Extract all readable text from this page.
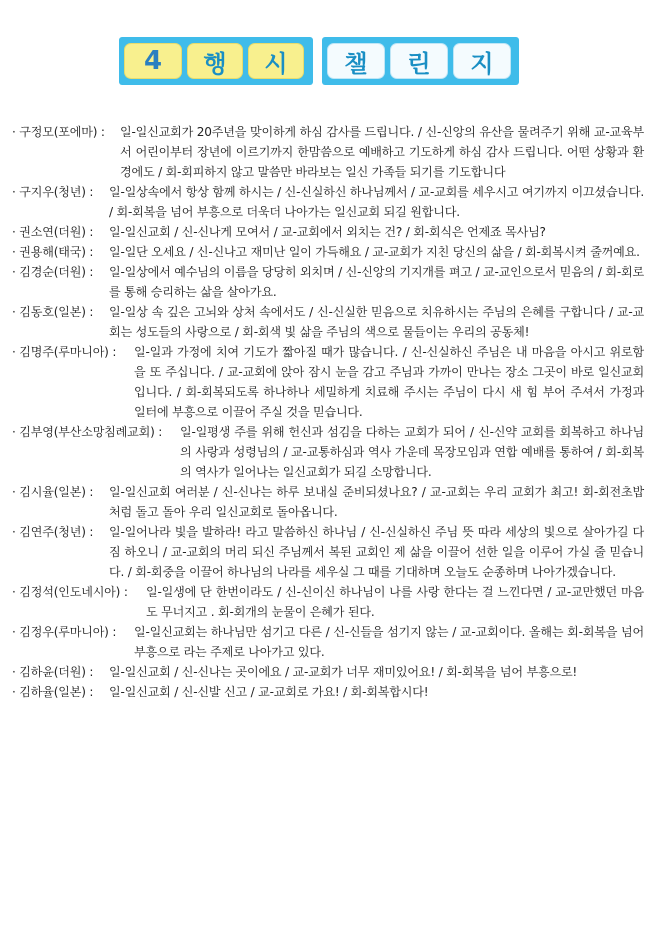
4	행	시	챌	린	지
· 구정모(포에마) :	일-일신교회가 20주년을 맞이하게 하심 감사를 드립니다. / 신-신앙의 유산을 물려주기 위해 교-교육부서 어린이부터 장년에 이르기까지 한맘씀으로 예배하고 기도하게 하심 감사 드립니다. 어떤 상황과 환경에도 / 회-회피하지 않고 말씀만 바라보는 일신 가족들 되기를 기도합니다
· 구지우(청년) :	일-일상속에서 항상 함께 하시는 / 신-신실하신 하나님께서 / 교-교회를 세우시고 여기까지 이끄셨습니다. / 회-회복을 넘어 부흥으로 더욱더 나아가는 일신교회 되길 원합니다.
· 권소연(더원) :	일-일신교회 / 신-신나게 모여서 / 교-교회에서 외치는 건? / 회-회식은 언제죠 목사님?
· 권용해(태국) :	일-일단 오세요 / 신-신나고 재미난 일이 가득해요 / 교-교회가 지친 당신의 삶을 / 회-회복시켜 줄꺼예요.
· 김경순(더원) :	일-일상에서 예수님의 이름을 당당히 외치며 / 신-신앙의 기지개를 펴고 / 교-교인으로서 믿음의 / 회-회로를 통해 승리하는 삶을 살아가요.
· 김동호(일본) :	일-일상 속 깊은 고뇌와 상처 속에서도 / 신-신실한 믿음으로 치유하시는 주님의 은혜를 구합니다 / 교-교회는 성도들의 사랑으로 / 회-회색 빛 삶을 주님의 색으로 물들이는 우리의 공동체!
· 김명주(루마니아) :	일-일과 가정에 치여 기도가 짧아질 때가 많습니다. / 신-신실하신 주님은 내 마음을 아시고 위로함을 또 주십니다. / 교-교회에 앉아 잠시 눈을 감고 주님과 가까이 만나는 장소 그곳이 바로 일신교회입니다. / 회-회복되도록 하나하나 세밀하게 치료해 주시는 주님이 다시 새 힘 부어 주셔서 가정과 일터에 부흥으로 이끌어 주실 것을 믿습니다.
· 김부영(부산소망침례교회) :	일-일평생 주를 위해 헌신과 섬김을 다하는 교회가 되어 / 신-신약 교회를 회복하고 하나님의 사랑과 성령님의 / 교-교통하심과 역사 가운데 목장모임과 연합 예배를 통하여 / 회-회복의 역사가 일어나는 일신교회가 되길 소망합니다.
· 김시율(일본) :	일-일신교회 여러분 / 신-신나는 하루 보내실 준비되셨나요? / 교-교회는 우리 교회가 최고! 회-회전초밥처럼 돌고 돌아 우리 일신교회로 돌아옵니다.
· 김연주(청년) :	일-일어나라 빛을 발하라! 라고 말씀하신 하나님 / 신-신실하신 주님 뜻 따라 세상의 빛으로 살아가길 다짐 하오니 / 교-교회의 머리 되신 주님께서 복된 교회인 제 삶을 이끌어 선한 일을 이루어 가실 줄 믿습니다. / 회-회중을 이끌어 하나님의 나라를 세우실 그 때를 기대하며 오늘도 순종하며 나아가겠습니다.
· 김정석(인도네시아) :	일-일생에 단 한번이라도 / 신-신이신 하나님이 나를 사랑 한다는 걸 느낀다면 / 교-교만했던 마음도 무너지고 . 회-회개의 눈물이 은혜가 된다.
· 김정우(루마니아) :	일-일신교회는 하나님만 섬기고 다른 / 신-신들을 섬기지 않는 / 교-교회이다. 올해는 회-회복을 넘어 부흥으로 라는 주제로 나아가고 있다.
· 김하윤(더원) :	일-일신교회 / 신-신나는 곳이에요 / 교-교회가 너무 재미있어요! / 회-회복을 넘어 부흥으로!
· 김하율(일본) :	일-일신교회 / 신-신발 신고 / 교-교회로 가요! / 회-회복합시다!
